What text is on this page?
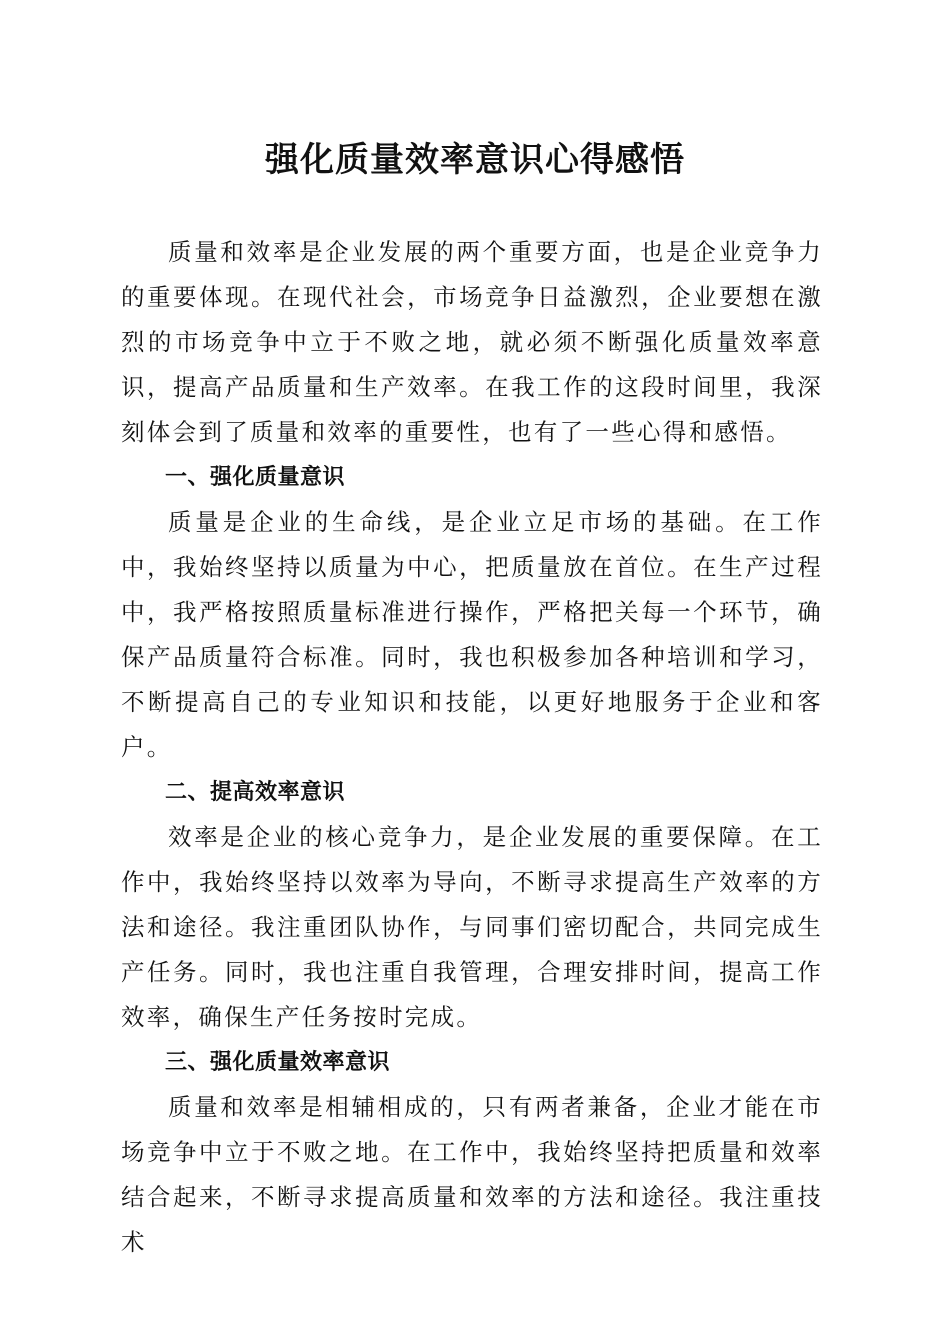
强化质量效率意识心得感悟

质量和效率是企业发展的两个重要方面，也是企业竞争力的重要体现。在现代社会，市场竞争日益激烈，企业要想在激烈的市场竞争中立于不败之地，就必须不断强化质量效率意识，提高产品质量和生产效率。在我工作的这段时间里，我深刻体会到了质量和效率的重要性，也有了一些心得和感悟。

一、强化质量意识

质量是企业的生命线，是企业立足市场的基础。在工作中，我始终坚持以质量为中心，把质量放在首位。在生产过程中，我严格按照质量标准进行操作，严格把关每一个环节，确保产品质量符合标准。同时，我也积极参加各种培训和学习，不断提高自己的专业知识和技能，以更好地服务于企业和客户。

二、提高效率意识

效率是企业的核心竞争力，是企业发展的重要保障。在工作中，我始终坚持以效率为导向，不断寻求提高生产效率的方法和途径。我注重团队协作，与同事们密切配合，共同完成生产任务。同时，我也注重自我管理，合理安排时间，提高工作效率，确保生产任务按时完成。

三、强化质量效率意识

质量和效率是相辅相成的，只有两者兼备，企业才能在市场竞争中立于不败之地。在工作中，我始终坚持把质量和效率结合起来，不断寻求提高质量和效率的方法和途径。我注重技术
